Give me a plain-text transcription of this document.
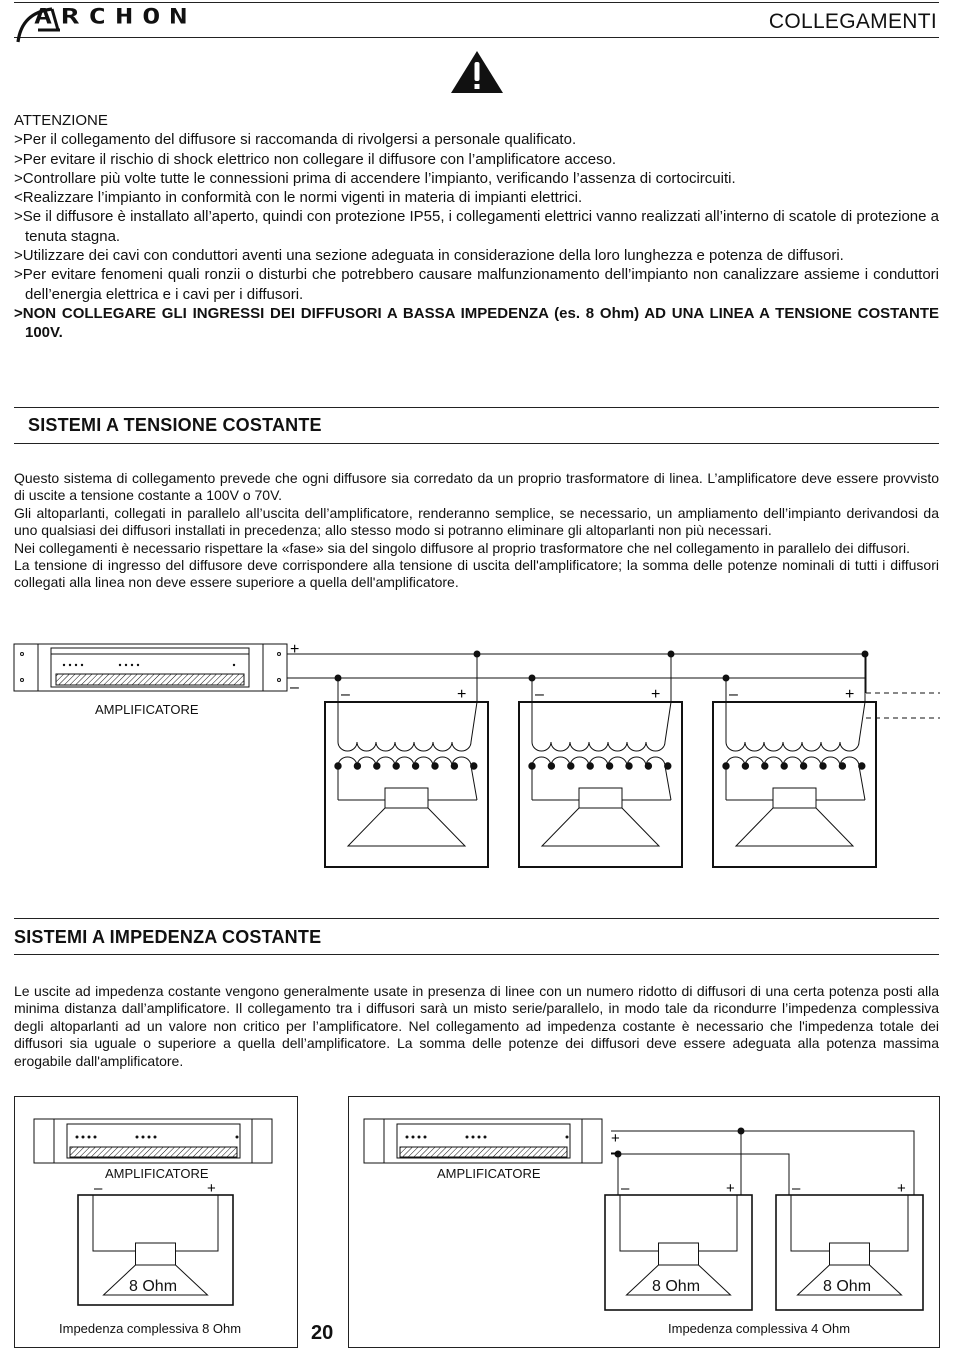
ARCHON	COLLEGAMENTI

ATTENZIONE

>Per il collegamento del diffusore si raccomanda di rivolgersi a personale qualificato.

>Per evitare il rischio di shock elettrico non collegare il diffusore con l’amplificatore acceso.

>Controllare più volte tutte le connessioni prima di accendere l’impianto, verificando l’assenza di cortocircuiti.

<Realizzare l’impianto in conformità con le normi vigenti in materia di impianti elettrici.

>Se il diffusore è installato all’aperto, quindi con protezione IP55, i collegamenti elettrici vanno realizzati all’interno di scatole di protezione a tenuta stagna.

>Utilizzare dei cavi con conduttori aventi una sezione adeguata in considerazione della loro lunghezza e potenza de diffusori.

>Per evitare fenomeni quali ronzii o disturbi che potrebbero causare malfunzionamento dell’impianto non canalizzare assieme i conduttori dell’energia elettrica e i cavi per i diffusori.

>NON COLLEGARE GLI INGRESSI DEI DIFFUSORI A BASSA IMPEDENZA (es. 8 Ohm) AD UNA LINEA A TENSIONE COSTANTE 100V.

SISTEMI A TENSIONE COSTANTE

Questo sistema di collegamento prevede che ogni diffusore sia corredato da un proprio trasformatore di linea. L’amplificatore deve essere provvisto di uscite a tensione costante a 100V o 70V.

Gli altoparlanti, collegati in parallelo all’uscita dell’amplificatore, renderanno semplice, se necessario, un ampliamento dell’impianto derivandosi da uno qualsiasi dei diffusori installati in precedenza; allo stesso modo si potranno eliminare gli altoparlanti non più necessari.

Nei collegamenti è necessario rispettare la «fase» sia del singolo diffusore al proprio trasformatore che nel collegamento in parallelo dei diffusori.

La tensione di ingresso del diffusore deve corrispondere alla tensione di uscita dell'amplificatore; la somma delle potenze nominali di tutti i diffusori collegati alla linea non deve essere superiore a quella dell'amplificatore.

+
–
AMPLIFICATORE
–	+	–	+	–	+
SISTEMI A IMPEDENZA COSTANTE
Le uscite ad impedenza costante vengono generalmente usate in presenza di linee con un numero ridotto di diffusori di una certa potenza posti alla minima distanza dall’amplificatore. Il collegamento tra i diffusori sarà un misto serie/parallelo, in modo tale da ricondurre l’impedenza complessiva degli altoparlanti ad un valore non critico per l’amplificatore. Nel collegamento ad impedenza costante è necessario che l'impedenza totale dei diffusori sia uguale o superiore a quella dell’amplificatore. La somma delle potenze dei diffusori deve essere adeguata alla potenza massima erogabile dall'amplificatore.
–	+
AMPLIFICATORE
8 Ohm
Impedenza complessiva 8 Ohm	20
+
–
–	+	–	+
AMPLIFICATORE
8 Ohm	8 Ohm
Impedenza complessiva 4 Ohm
